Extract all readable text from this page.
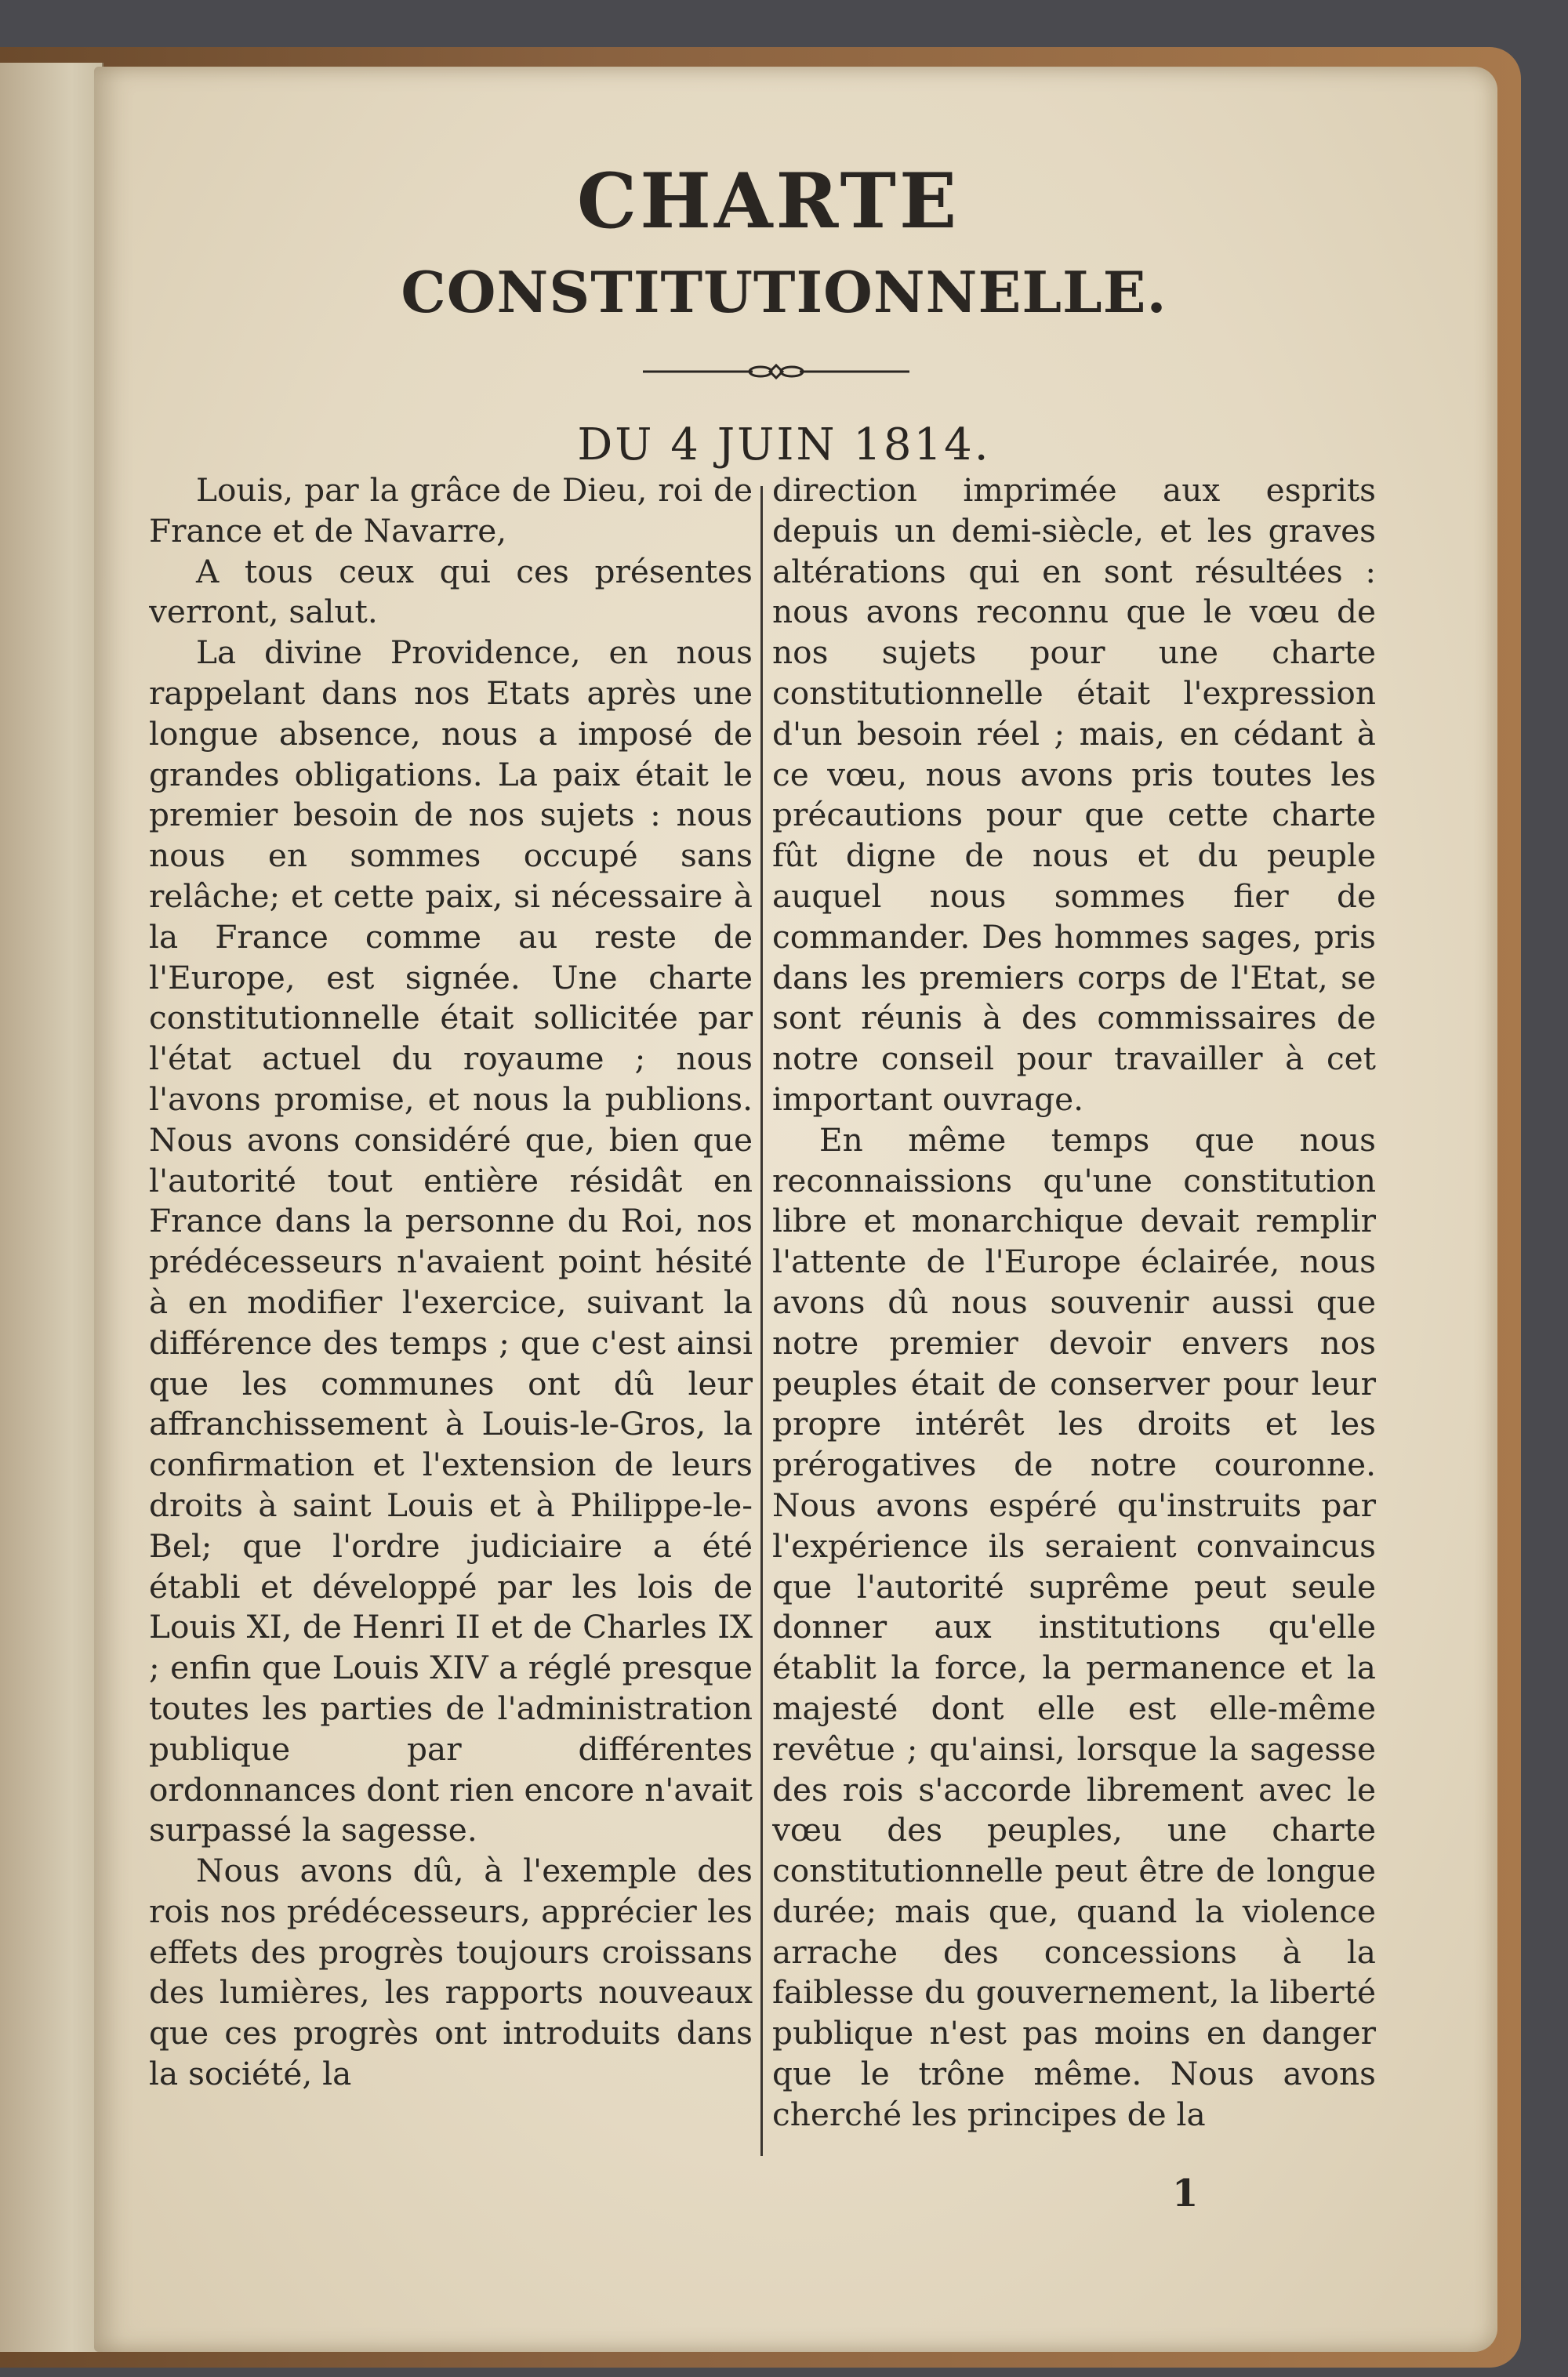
CHARTE
CONSTITUTIONNELLE.
DU 4 JUIN 1814.

Louis, par la grâce de Dieu, roi de France et de Navarre,

A tous ceux qui ces présentes verront, salut.

La divine Providence, en nous rappelant dans nos Etats après une longue absence, nous a imposé de grandes obligations. La paix était le premier besoin de nos sujets : nous nous en sommes occupé sans relâche; et cette paix, si nécessaire à la France comme au reste de l'Europe, est signée. Une charte constitutionnelle était sollicitée par l'état actuel du royaume ; nous l'avons promise, et nous la publions. Nous avons considéré que, bien que l'autorité tout entière résidât en France dans la personne du Roi, nos prédécesseurs n'avaient point hésité à en modifier l'exercice, suivant la différence des temps ; que c'est ainsi que les communes ont dû leur affranchissement à Louis-le-Gros, la confirmation et l'extension de leurs droits à saint Louis et à Philippe-le-Bel; que l'ordre judiciaire a été établi et développé par les lois de Louis XI, de Henri II et de Charles IX ; enfin que Louis XIV a réglé presque toutes les parties de l'administration publique par différentes ordonnances dont rien encore n'avait surpassé la sagesse.

Nous avons dû, à l'exemple des rois nos prédécesseurs, apprécier les effets des progrès toujours croissans des lumières, les rapports nouveaux que ces progrès ont introduits dans la société, la

direction imprimée aux esprits depuis un demi-siècle, et les graves altérations qui en sont résultées : nous avons reconnu que le vœu de nos sujets pour une charte constitutionnelle était l'expression d'un besoin réel ; mais, en cédant à ce vœu, nous avons pris toutes les précautions pour que cette charte fût digne de nous et du peuple auquel nous sommes fier de commander. Des hommes sages, pris dans les premiers corps de l'Etat, se sont réunis à des commissaires de notre conseil pour travailler à cet important ouvrage.

En même temps que nous reconnaissions qu'une constitution libre et monarchique devait remplir l'attente de l'Europe éclairée, nous avons dû nous souvenir aussi que notre premier devoir envers nos peuples était de conserver pour leur propre intérêt les droits et les prérogatives de notre couronne. Nous avons espéré qu'instruits par l'expérience ils seraient convaincus que l'autorité suprême peut seule donner aux institutions qu'elle établit la force, la permanence et la majesté dont elle est elle-même revêtue ; qu'ainsi, lorsque la sagesse des rois s'accorde librement avec le vœu des peuples, une charte constitutionnelle peut être de longue durée; mais que, quand la violence arrache des concessions à la faiblesse du gouvernement, la liberté publique n'est pas moins en danger que le trône même. Nous avons cherché les principes de la

1
